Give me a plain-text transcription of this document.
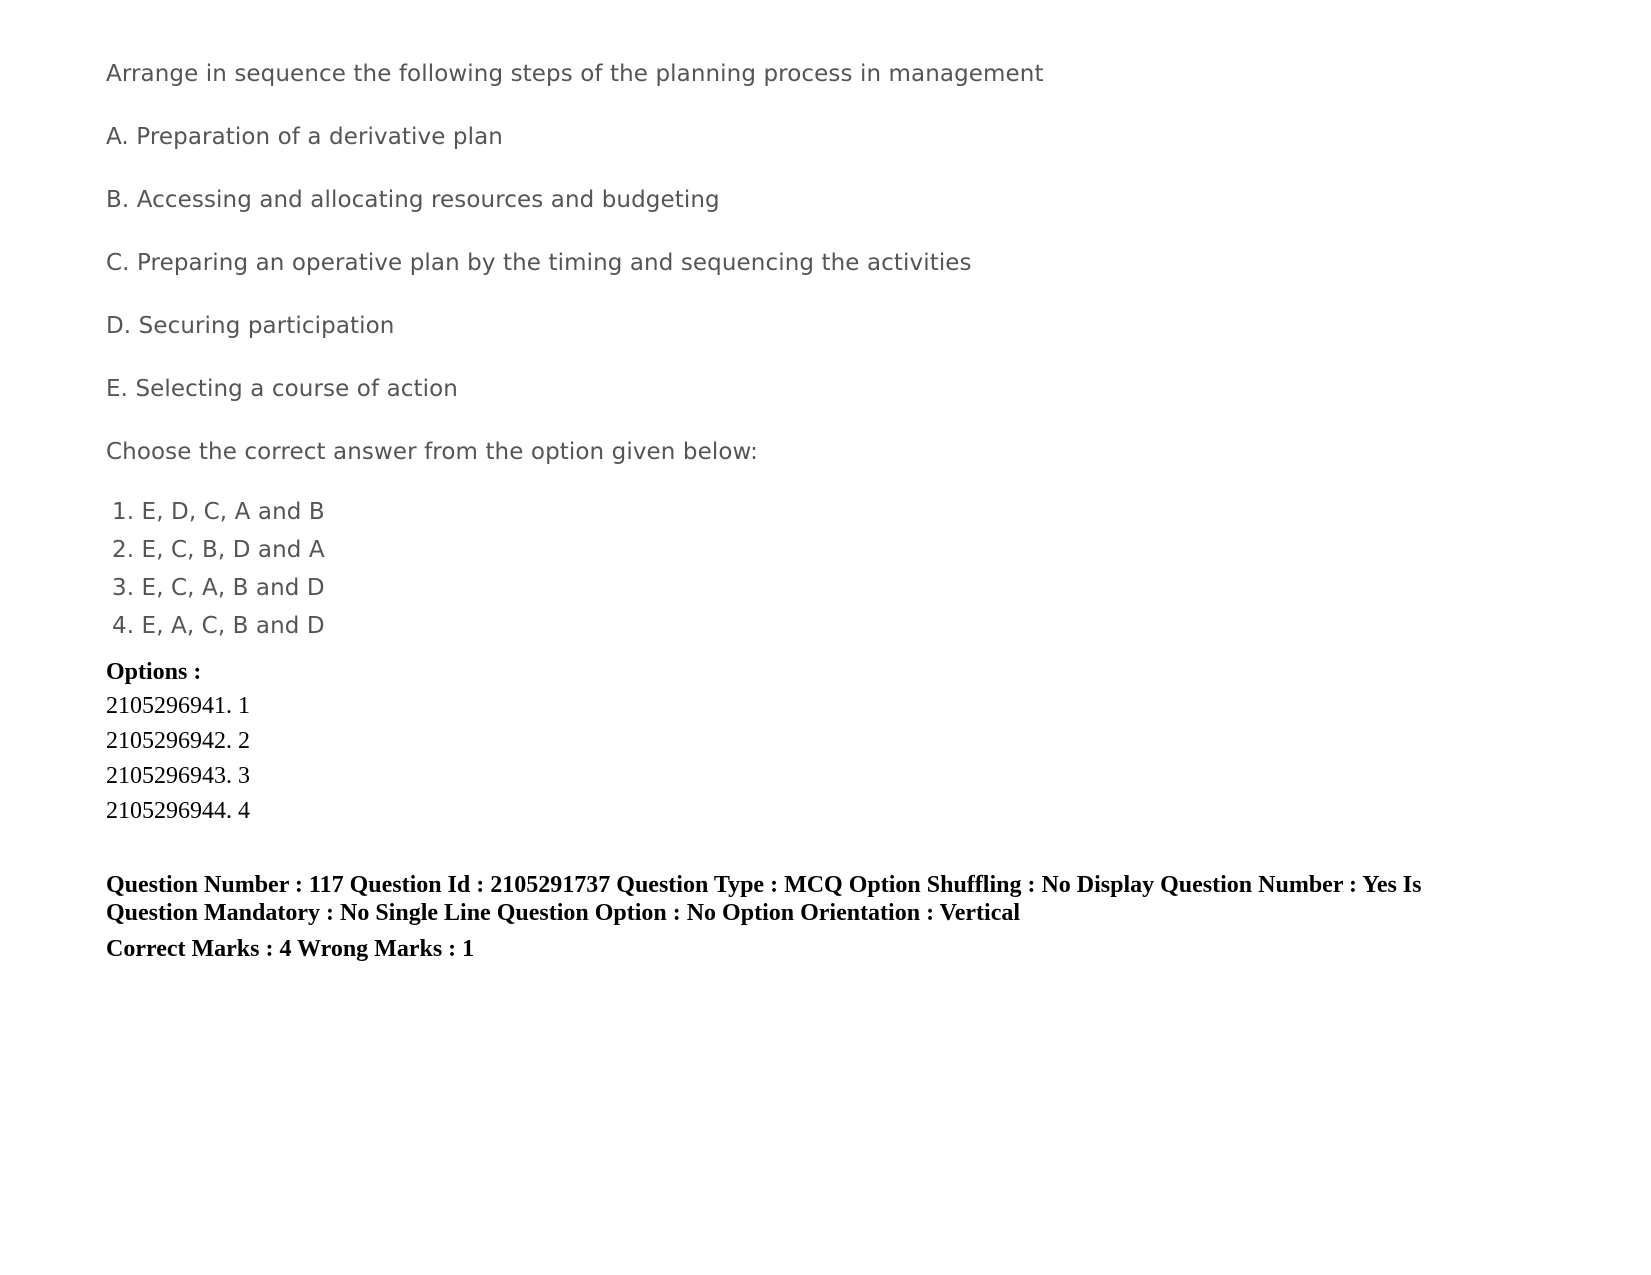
Arrange in sequence the following steps of the planning process in management

A. Preparation of a derivative plan

B. Accessing and allocating resources and budgeting

C. Preparing an operative plan by the timing and sequencing the activities

D. Securing participation

E. Selecting a course of action

Choose the correct answer from the option given below:

1. E, D, C, A and B
2. E, C, B, D and A
3. E, C, A, B and D
4. E, A, C, B and D
Options :
2105296941. 1
2105296942. 2
2105296943. 3
2105296944. 4
Question Number : 117 Question Id : 2105291737 Question Type : MCQ Option Shuffling : No Display Question Number : Yes Is
Question Mandatory : No Single Line Question Option : No Option Orientation : Vertical
Correct Marks : 4 Wrong Marks : 1
